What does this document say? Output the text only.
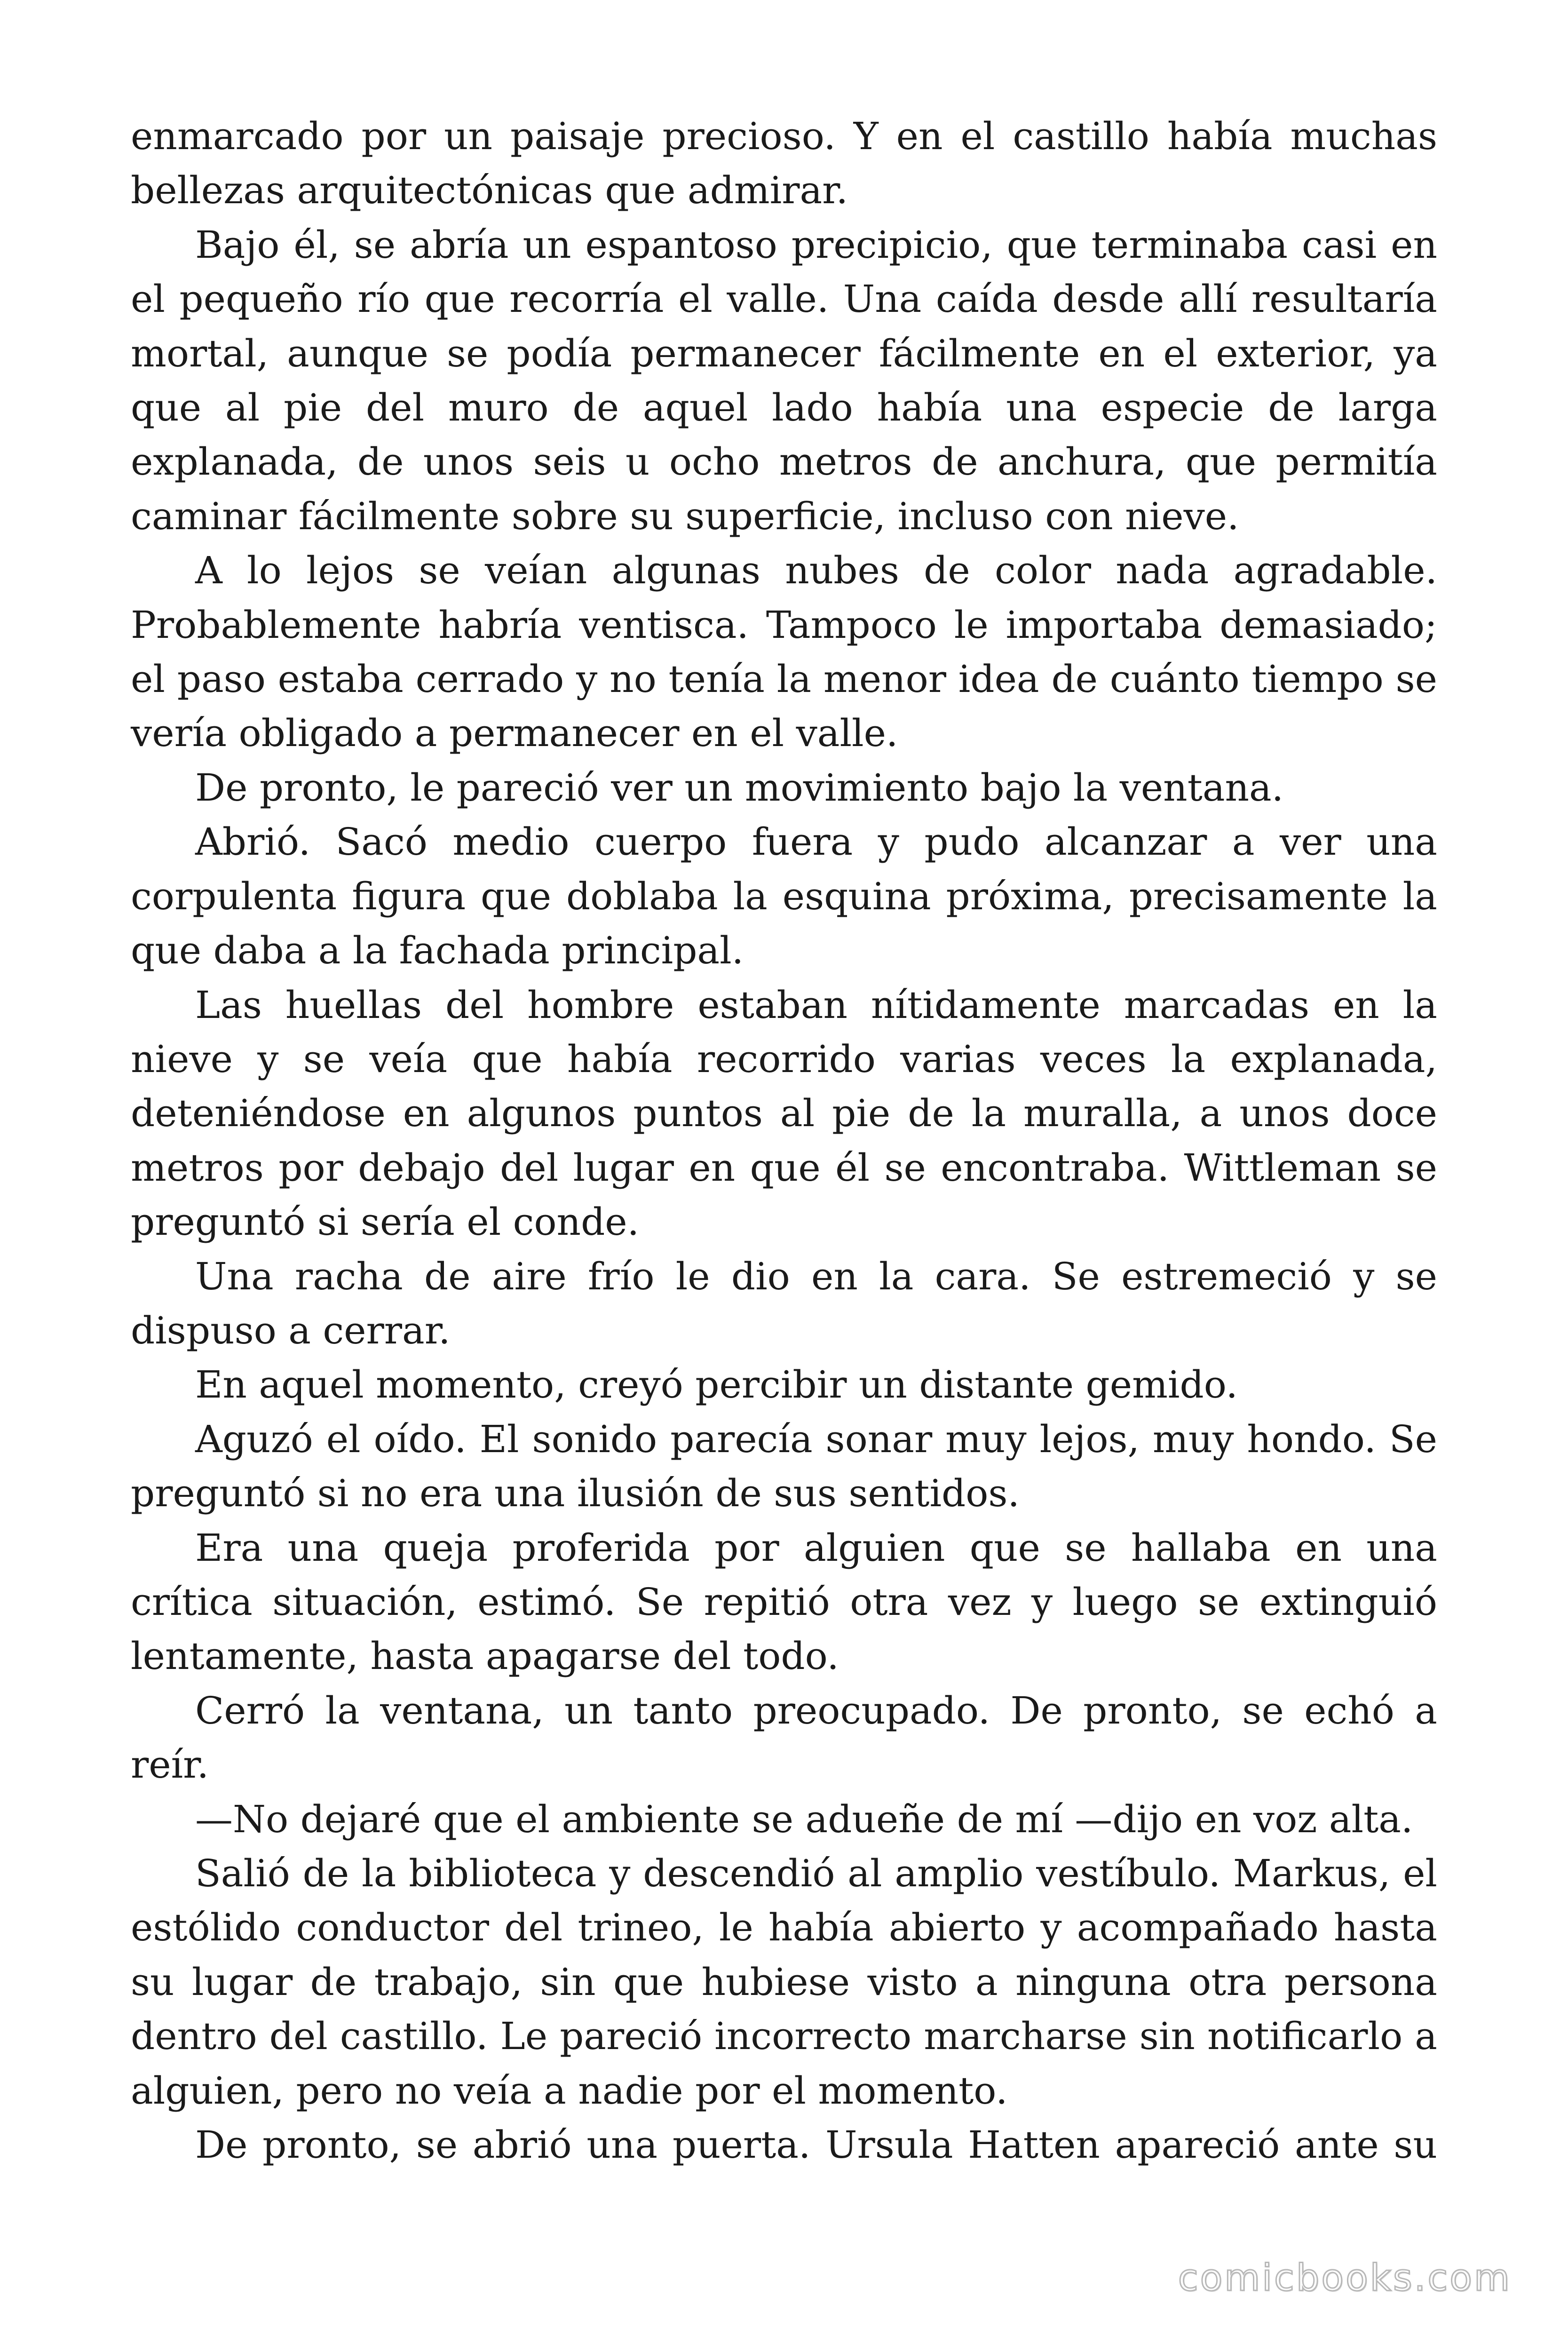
enmarcado por un paisaje precioso. Y en el castillo había muchas bellezas arquitectónicas que admirar.

Bajo él, se abría un espantoso precipicio, que terminaba casi en el pequeño río que recorría el valle. Una caída desde allí resultaría mortal, aunque se podía permanecer fácilmente en el exterior, ya que al pie del muro de aquel lado había una especie de larga explanada, de unos seis u ocho metros de anchura, que permitía caminar fácilmente sobre su superficie, incluso con nieve.

A lo lejos se veían algunas nubes de color nada agradable. Probablemente habría ventisca. Tampoco le importaba demasiado; el paso estaba cerrado y no tenía la menor idea de cuánto tiempo se vería obligado a permanecer en el valle.

De pronto, le pareció ver un movimiento bajo la ventana.

Abrió. Sacó medio cuerpo fuera y pudo alcanzar a ver una corpulenta figura que doblaba la esquina próxima, precisamente la que daba a la fachada principal.

Las huellas del hombre estaban nítidamente marcadas en la nieve y se veía que había recorrido varias veces la explanada, deteniéndose en algunos puntos al pie de la muralla, a unos doce metros por debajo del lugar en que él se encontraba. Wittleman se preguntó si sería el conde.

Una racha de aire frío le dio en la cara. Se estremeció y se dispuso a cerrar.

En aquel momento, creyó percibir un distante gemido.

Aguzó el oído. El sonido parecía sonar muy lejos, muy hondo. Se preguntó si no era una ilusión de sus sentidos.

Era una queja proferida por alguien que se hallaba en una crítica situación, estimó. Se repitió otra vez y luego se extinguió lentamente, hasta apagarse del todo.

Cerró la ventana, un tanto preocupado. De pronto, se echó a reír.

—No dejaré que el ambiente se adueñe de mí —dijo en voz alta.

Salió de la biblioteca y descendió al amplio vestíbulo. Markus, el estólido conductor del trineo, le había abierto y acompañado hasta su lugar de trabajo, sin que hubiese visto a ninguna otra persona dentro del castillo. Le pareció incorrecto marcharse sin notificarlo a alguien, pero no veía a nadie por el momento.

De pronto, se abrió una puerta. Ursula Hatten apareció ante su

comicbooks.com
